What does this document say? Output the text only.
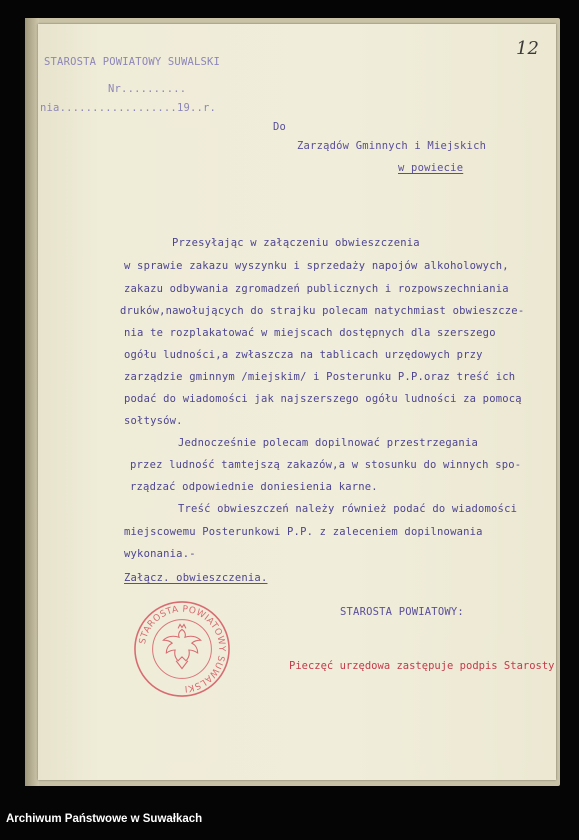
12
STAROSTA POWIATOWY SUWALSKI
Nr..........
nia..................19..r.
Do
Zarządów Gminnych i Miejskich
w powiecie
Przesyłając w załączeniu obwieszczenia
w sprawie zakazu wyszynku i sprzedaży napojów alkoholowych,
zakazu odbywania zgromadzeń publicznych i rozpowszechniania
druków,nawołujących do strajku polecam natychmiast obwieszcze-
nia te rozplakatować w miejscach dostępnych dla szerszego
ogółu ludności,a zwłaszcza na tablicach urzędowych przy
zarządzie gminnym /miejskim/ i Posterunku P.P.oraz treść ich
podać do wiadomości jak najszerszego ogółu ludności za pomocą
sołtysów.
Jednocześnie polecam dopilnować przestrzegania
przez ludność tamtejszą zakazów,a w stosunku do winnych spo-
rządzać odpowiednie doniesienia karne.
Treść obwieszczeń należy również podać do wiadomości
miejscowemu Posterunkowi P.P. z zaleceniem dopilnowania
wykonania.-
Załącz. obwieszczenia.
STAROSTA POWIATOWY:
Pieczęć urzędowa zastępuje podpis Starosty
STAROSTA POWIATOWY SUWALSKI
Archiwum Państwowe w Suwałkach
